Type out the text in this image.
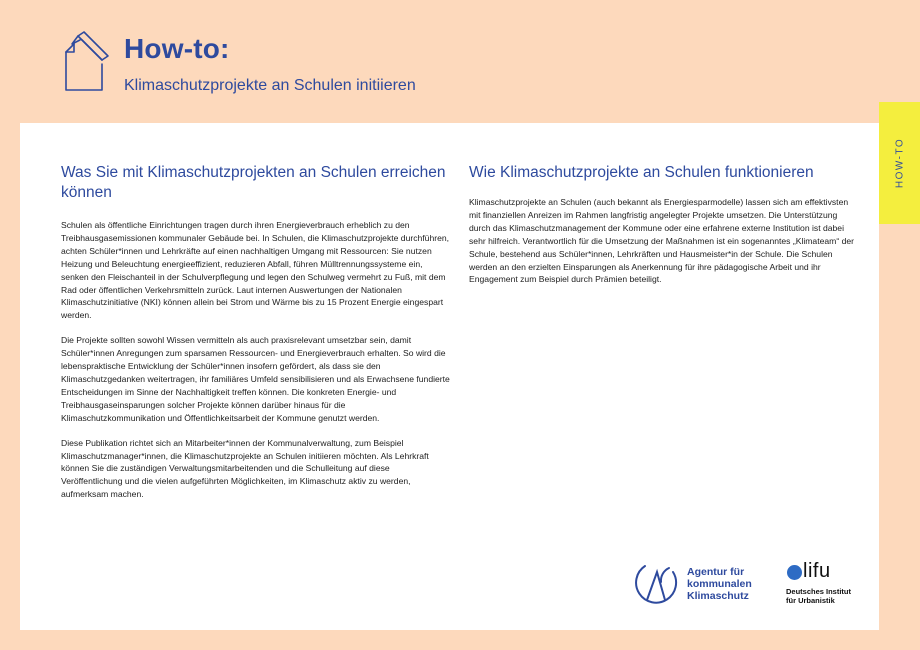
How-to:
Klimaschutzprojekte an Schulen initiieren
HOW-TO
Was Sie mit Klimaschutzprojekten an Schulen erreichen können

Schulen als öffentliche Einrichtungen tragen durch ihren Energieverbrauch erheblich zu den Treibhausgasemissionen kommunaler Gebäude bei. In Schulen, die Klimaschutzprojekte durchführen, achten Schüler*innen und Lehrkräfte auf einen nachhaltigen Umgang mit Ressourcen: Sie nutzen Heizung und Beleuchtung energieeffizient, reduzieren Abfall, führen Mülltrennungssysteme ein, senken den Fleischanteil in der Schulverpflegung und legen den Schulweg vermehrt zu Fuß, mit dem Rad oder öffentlichen Verkehrsmitteln zurück. Laut internen Auswertungen der Nationalen Klimaschutzinitiative (NKI) können allein bei Strom und Wärme bis zu 15 Prozent Energie eingespart werden.

Die Projekte sollten sowohl Wissen vermitteln als auch praxisrelevant umsetzbar sein, damit Schüler*innen Anregungen zum sparsamen Ressourcen- und Energieverbrauch erhalten. So wird die lebenspraktische Entwicklung der Schüler*innen insofern gefördert, als dass sie den Klimaschutzgedanken weitertragen, ihr familiäres Umfeld sensibilisieren und als Erwachsene fundierte Entscheidungen im Sinne der Nachhaltigkeit treffen können. Die konkreten Energie- und Treibhausgaseinsparungen solcher Projekte können darüber hinaus für die Klimaschutzkommunikation und Öffentlichkeitsarbeit der Kommune genutzt werden.

Diese Publikation richtet sich an Mitarbeiter*innen der Kommunalverwaltung, zum Beispiel Klimaschutzmanager*innen, die Klimaschutzprojekte an Schulen initiieren möchten. Als Lehrkraft können Sie die zuständigen Verwaltungsmitarbeitenden und die Schulleitung auf diese Veröffentlichung und die vielen aufgeführten Möglichkeiten, im Klimaschutz aktiv zu werden, aufmerksam machen.

Wie Klimaschutzprojekte an Schulen funktionieren

Klimaschutzprojekte an Schulen (auch bekannt als Energiesparmodelle) lassen sich am effektivsten mit finanziellen Anreizen im Rahmen langfristig angelegter Projekte umsetzen. Die Unterstützung durch das Klimaschutzmanagement der Kommune oder eine erfahrene externe Institution ist dabei sehr hilfreich. Verantwortlich für die Umsetzung der Maßnahmen ist ein sogenanntes „Klimateam“ der Schule, bestehend aus Schüler*innen, Lehrkräften und Hausmeister*in der Schule. Die Schulen werden an den erzielten Einsparungen als Anerkennung für ihre pädagogische Arbeit und ihr Engagement zum Beispiel durch Prämien beteiligt.

Agentur für
kommunalen
Klimaschutz
lifu
Deutsches Institut
für Urbanistik
